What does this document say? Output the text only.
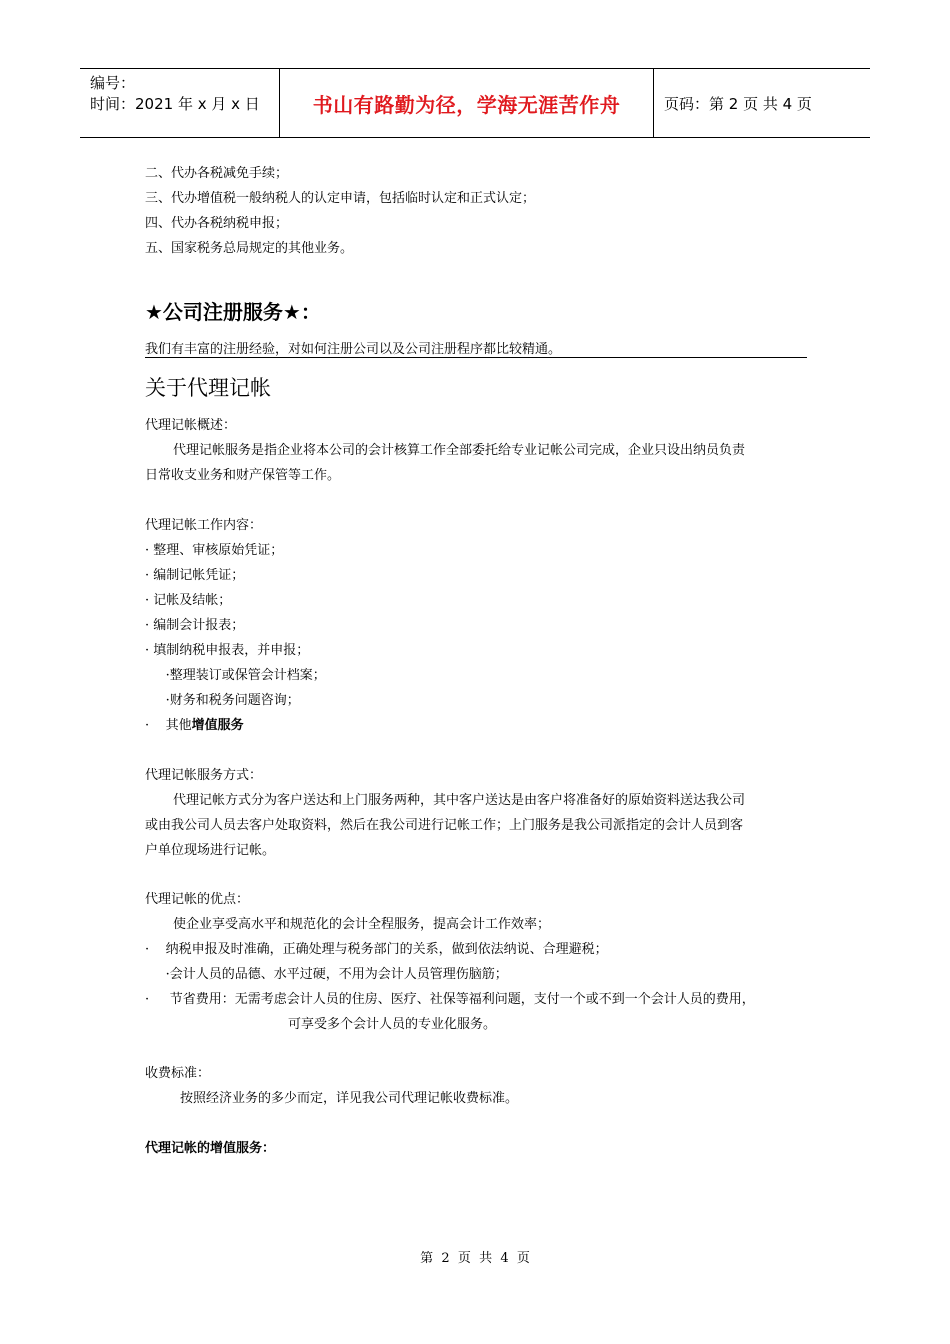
编号：
时间：2021 年 x 月 x 日	书山有路勤为径，学海无涯苦作舟	页码：第 2 页 共 4 页
二、代办各税减免手续；
三、代办增值税一般纳税人的认定申请，包括临时认定和正式认定；
四、代办各税纳税申报；
五、国家税务总局规定的其他业务。
★公司注册服务★：
我们有丰富的注册经验，对如何注册公司以及公司注册程序都比较精通。
关于代理记帐
代理记帐概述：
代理记帐服务是指企业将本公司的会计核算工作全部委托给专业记帐公司完成，企业只设出纳员负责
日常收支业务和财产保管等工作。
代理记帐工作内容：
· 整理、审核原始凭证；
· 编制记帐凭证；
· 记帐及结帐；
· 编制会计报表；
· 填制纳税申报表，并申报；
·整理装订或保管会计档案；
·财务和税务问题咨询；
·    其他增值服务
代理记帐服务方式：
代理记帐方式分为客户送达和上门服务两种，其中客户送达是由客户将准备好的原始资料送达我公司
或由我公司人员去客户处取资料，然后在我公司进行记帐工作；上门服务是我公司派指定的会计人员到客
户单位现场进行记帐。
代理记帐的优点：
使企业享受高水平和规范化的会计全程服务，提高会计工作效率；
·    纳税申报及时准确，正确处理与税务部门的关系，做到依法纳说、合理避税；
·会计人员的品德、水平过硬，不用为会计人员管理伤脑筋；
·     节省费用：无需考虑会计人员的住房、医疗、社保等福利问题，支付一个或不到一个会计人员的费用，
可享受多个会计人员的专业化服务。
收费标准：
按照经济业务的多少而定，详见我公司代理记帐收费标准。
代理记帐的增值服务：
第  2  页  共  4  页
